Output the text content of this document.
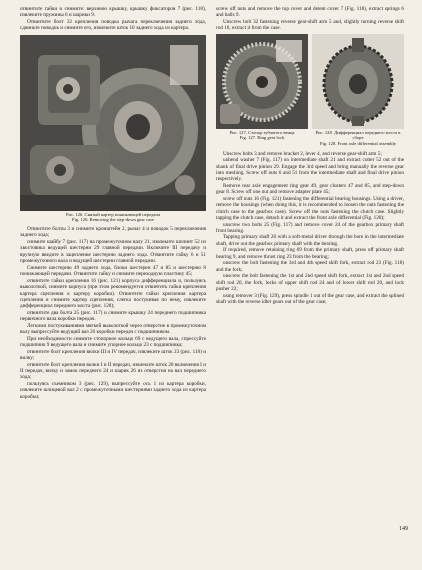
отвинтите гайки и снимите: верхнюю крышку, крышку фиксаторов 7 (рис. 118), извлеките пружины 6 и шарики 9.

Отвинтите болт 32 крепления поводка рычага переключения заднего хода, сдвиньте поводок и снимите его, извлеките шток 10 заднего хода из картера.

Рис. 126. Снятый картер понижающей передачи
Fig. 126. Removing the step-down gear case

Отвинтите болты 3 и снимите кронштейн 2, рычаг 4 и поводок 5 переключения заднего хода;

снимите шайбу 7 (рис. 117) на промежуточном валу 21, извлеките шплинт 52 из хвостовика ведущей шестерни 29 главной передачи. Включите III передачу и вручную введите в зацепление шестерню заднего хода. Отвинтите гайку 6 и 51 промежуточного вала и ведущей шестерни главной передачи.

Снимите шестерню 49 заднего хода, блоки шестерен 47 и 85 и шестерню 8 понижающей передачи. Отвинтите гайку и снимите переходную пластину 45;

отвинтите гайки крепления 16 (рис. 121) корпуса дифференциала и, пользуясь выколоткой, снимите корпуса (при этом рекомендуется отвинтить гайки крепления картера сцепления к картеру коробки). Отвинтите гайки крепления картера сцепления и снимите картер сцепления, слегка постукивая по нему, извлеките дифференциал переднего моста (рис. 128);

отвинтите два болта 25 (рис. 117) и снимите крышку 24 переднего подшипника первичного вала коробки передач.

Легкими постукиваниями мягкой выколоткой через отверстие в промежуточном валу выпрессуйте ведущий вал 26 коробки передач с подшипником.

При необходимости снимите стопорное кольцо 69 с ведущего вала, спрессуйте подшипник 9 ведущего вала и снимите упорное кольцо 23 с подшипника;

отвинтите болт крепления вилки III и IV передач, извлеките шток 23 (рис. 118) и вилку;

отвинтите болт крепления вилки I и II передач, извлеките шток 20 включения I и II передач, вилку и замок переднего 24 и шарик 26 из отверстия на вал переднего хода;

пользуясь съемником 3 (рис. 129), выпрессуйте ось 1 из картера коробки, извлеките шлицевой вал 2 с промежуточными шестернями заднего хода из картера коробки;

screw off nuts and remove the top cover and detent cover 7 (Fig. 118), extract springs 6 and balls 9.

Unscrew bolt 32 fastening reverse gear-shift arm 5 and, slightly turning reverse shift rod 10, extract it from the case.

Рис. 127. Стопор зубчатого венца
Fig. 127. Ring gear lock
Рис. 128. Дифференциал переднего моста в сборе
Fig. 128. Front axle differential assembly

Unscrew bolts 3 and remove bracket 2, lever 4, and reverse gear-shift arm 5;

unbend washer 7 (Fig. 117) on intermediate shaft 21 and extract cotter 52 out of the shank of final drive pinion 29. Engage the 3rd speed and bring manually the reverse gear into meshing. Screw off nuts 6 and 51 from the intermediate shaft and final drive pinion respectively.

Remove rear axle engagement ring gear 49, gear clusters 47 and 85, and step-down gear 8. Screw off one nut and remove adapter plate 45;

screw off nuts 16 (Fig. 121) fastening the differential bearing housings. Using a driver, remove the housings (when doing this, it is recommended to loosen the nuts fastening the clutch case to the gearbox case). Screw off the nuts fastening the clutch case. Slightly tapping the clutch case, detach it and extract the front axle differential (Fig. 128);

unscrew two bolts 25 (Fig. 117) and remove cover 24 of the gearbox primary shaft front bearing.

Tapping primary shaft 26 with a soft-metal driver through the bore in the intermediate shaft, drive out the gearbox primary shaft with the bearing.

If required, remove retaining ring 69 from the primary shaft, press off primary shaft bearing 9, and remove thrust ring 23 from the bearing;

unscrew the bolt fastening the 3rd and 4th speed shift fork, extract rod 23 (Fig. 118) and the fork;

unscrew the bolt fastening the 1st and 2nd speed shift fork, extract 1st and 2nd speed shift rod 20, the fork, locks of upper shift rod 24 and of lower shift rod 20, and lock pusher 22;

using remover 3 (Fig. 129), press spindle 1 out of the gear case, and extract the splined shaft with the reverse idler gears out of the gear case;

149
